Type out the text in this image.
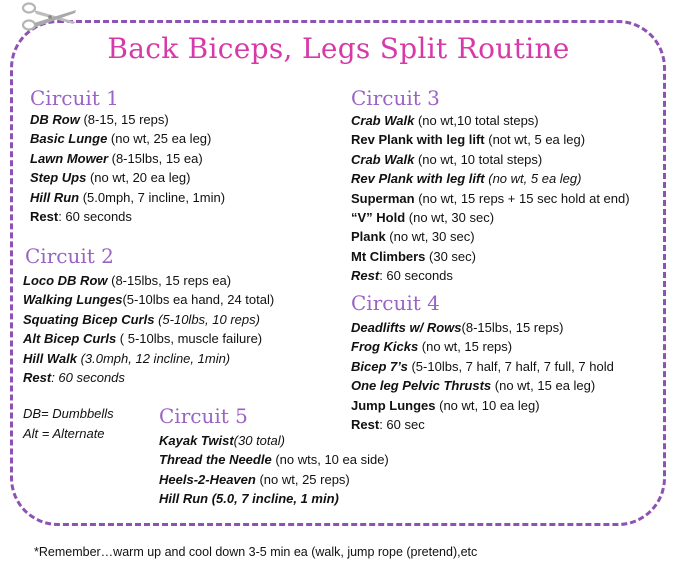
Back Biceps, Legs Split Routine
Circuit 1
DB Row (8-15, 15 reps)
Basic Lunge (no wt, 25 ea leg)
Lawn Mower (8-15lbs, 15 ea)
Step Ups (no wt, 20 ea leg)
Hill Run (5.0mph, 7 incline, 1min)
Rest: 60 seconds
Circuit 2
Loco DB Row (8-15lbs, 15 reps ea)
Walking Lunges(5-10lbs ea hand, 24 total)
Squating Bicep Curls (5-10lbs, 10 reps)
Alt Bicep Curls ( 5-10lbs, muscle failure)
Hill Walk (3.0mph, 12 incline, 1min)
Rest: 60 seconds
DB= Dumbbells
Alt = Alternate
Circuit 3
Crab Walk (no wt,10 total steps)
Rev Plank with leg lift (not wt, 5 ea leg)
Crab Walk (no wt, 10 total steps)
Rev Plank with leg lift (no wt, 5 ea leg)
Superman (no wt, 15 reps + 15 sec hold at end)
“V” Hold (no wt, 30 sec)
Plank (no wt, 30 sec)
Mt Climbers (30 sec)
Rest: 60 seconds
Circuit 4
Deadlifts w/ Rows(8-15lbs, 15 reps)
Frog Kicks (no wt, 15 reps)
Bicep 7’s (5-10lbs, 7 half, 7 half, 7 full, 7 hold
One leg Pelvic Thrusts (no wt, 15 ea leg)
Jump Lunges (no wt, 10 ea leg)
Rest: 60 sec
Circuit 5
Kayak Twist(30 total)
Thread the Needle (no wts, 10 ea side)
Heels-2-Heaven (no wt, 25 reps)
Hill Run (5.0, 7 incline, 1 min)
*Remember…warm up and cool down 3-5 min ea (walk, jump rope (pretend),etc
